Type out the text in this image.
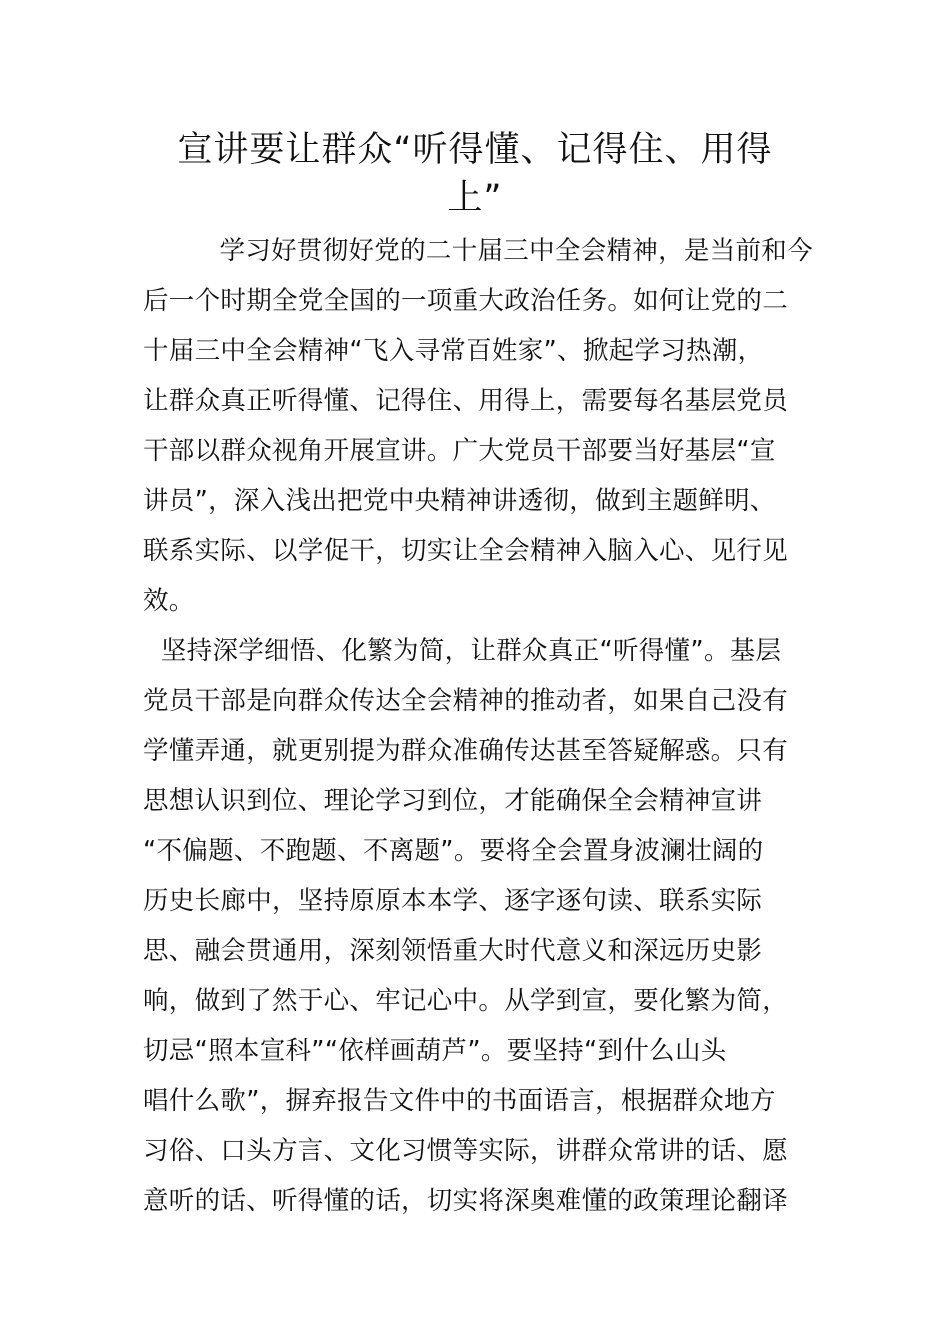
宣讲要让群众“听得懂、记得住、用得
上”
学习好贯彻好党的二十届三中全会精神，是当前和今
后一个时期全党全国的一项重大政治任务。如何让党的二
十届三中全会精神“飞入寻常百姓家”、掀起学习热潮，
让群众真正听得懂、记得住、用得上，需要每名基层党员
干部以群众视角开展宣讲。广大党员干部要当好基层“宣
讲员”，深入浅出把党中央精神讲透彻，做到主题鲜明、
联系实际、以学促干，切实让全会精神入脑入心、见行见
效。
坚持深学细悟、化繁为简，让群众真正“听得懂”。基层
党员干部是向群众传达全会精神的推动者，如果自己没有
学懂弄通，就更别提为群众准确传达甚至答疑解惑。只有
思想认识到位、理论学习到位，才能确保全会精神宣讲
“不偏题、不跑题、不离题”。要将全会置身波澜壮阔的
历史长廊中，坚持原原本本学、逐字逐句读、联系实际
思、融会贯通用，深刻领悟重大时代意义和深远历史影
响，做到了然于心、牢记心中。从学到宣，要化繁为简，
切忌“照本宣科”“依样画葫芦”。要坚持“到什么山头
唱什么歌”，摒弃报告文件中的书面语言，根据群众地方
习俗、口头方言、文化习惯等实际，讲群众常讲的话、愿
意听的话、听得懂的话，切实将深奥难懂的政策理论翻译
